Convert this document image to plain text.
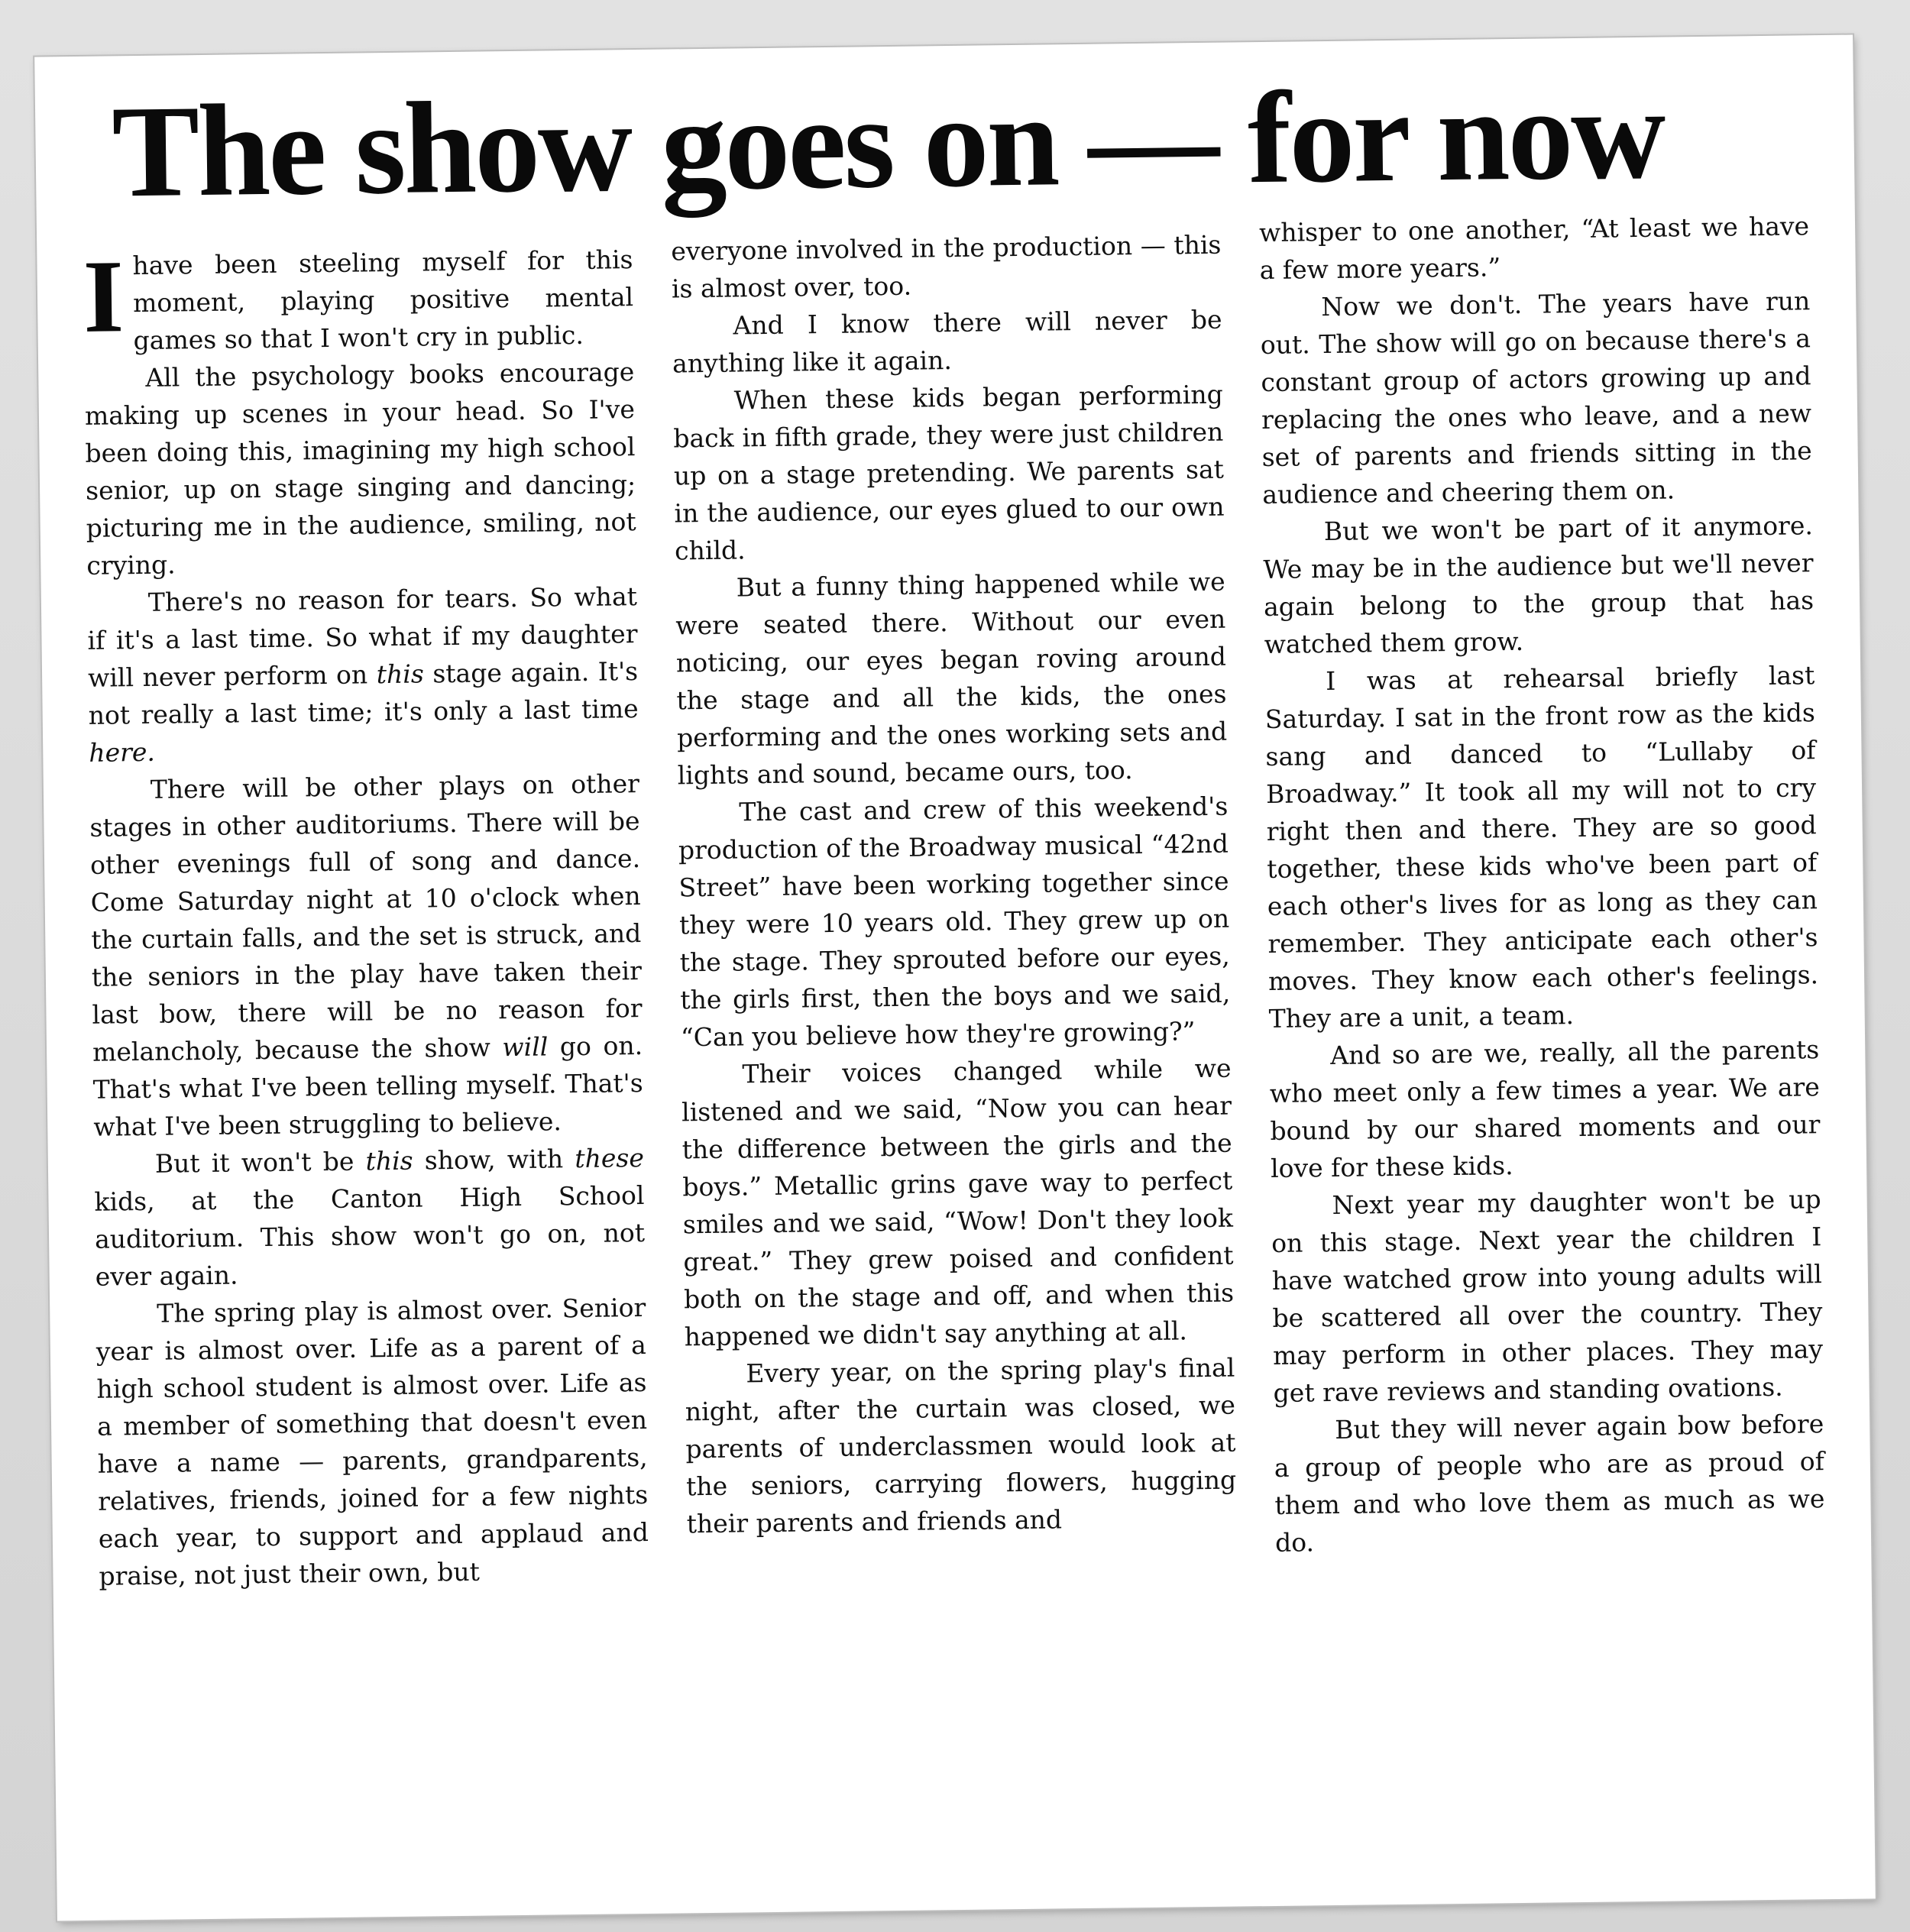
The show goes on — for now

Ihave been steeling myself for this moment, playing positive mental games so that I won't cry in public.

All the psychology books encourage making up scenes in your head. So I've been doing this, imagining my high school senior, up on stage singing and dancing; picturing me in the audience, smiling, not crying.

There's no reason for tears. So what if it's a last time. So what if my daughter will never perform on this stage again. It's not really a last time; it's only a last time here.

There will be other plays on other stages in other auditoriums. There will be other evenings full of song and dance. Come Saturday night at 10 o'clock when the curtain falls, and the set is struck, and the seniors in the play have taken their last bow, there will be no reason for melancholy, because the show will go on. That's what I've been telling myself. That's what I've been struggling to believe.

But it won't be this show, with these kids, at the Canton High School auditorium. This show won't go on, not ever again.

The spring play is almost over. Senior year is almost over. Life as a parent of a high school student is almost over. Life as a member of something that doesn't even have a name — parents, grandparents, relatives, friends, joined for a few nights each year, to support and applaud and praise, not just their own, but

everyone involved in the production — this is almost over, too.

And I know there will never be anything like it again.

When these kids began performing back in fifth grade, they were just children up on a stage pretending. We parents sat in the audience, our eyes glued to our own child.

But a funny thing happened while we were seated there. Without our even noticing, our eyes began roving around the stage and all the kids, the ones performing and the ones working sets and lights and sound, became ours, too.

The cast and crew of this weekend's production of the Broadway musical “42nd Street” have been working together since they were 10 years old. They grew up on the stage. They sprouted before our eyes, the girls first, then the boys and we said, “Can you believe how they're growing?”

Their voices changed while we listened and we said, “Now you can hear the difference between the girls and the boys.” Metallic grins gave way to perfect smiles and we said, “Wow! Don't they look great.” They grew poised and confident both on the stage and off, and when this happened we didn't say anything at all.

Every year, on the spring play's final night, after the curtain was closed, we parents of underclassmen would look at the seniors, carrying flowers, hugging their parents and friends and

whisper to one another, “At least we have a few more years.”

Now we don't. The years have run out. The show will go on because there's a constant group of actors growing up and replacing the ones who leave, and a new set of parents and friends sitting in the audience and cheering them on.

But we won't be part of it anymore. We may be in the audience but we'll never again belong to the group that has watched them grow.

I was at rehearsal briefly last Saturday. I sat in the front row as the kids sang and danced to “Lullaby of Broadway.” It took all my will not to cry right then and there. They are so good together, these kids who've been part of each other's lives for as long as they can remember. They anticipate each other's moves. They know each other's feelings. They are a unit, a team.

And so are we, really, all the parents who meet only a few times a year. We are bound by our shared moments and our love for these kids.

Next year my daughter won't be up on this stage. Next year the children I have watched grow into young adults will be scattered all over the country. They may perform in other places. They may get rave reviews and standing ovations.

But they will never again bow before a group of people who are as proud of them and who love them as much as we do.
